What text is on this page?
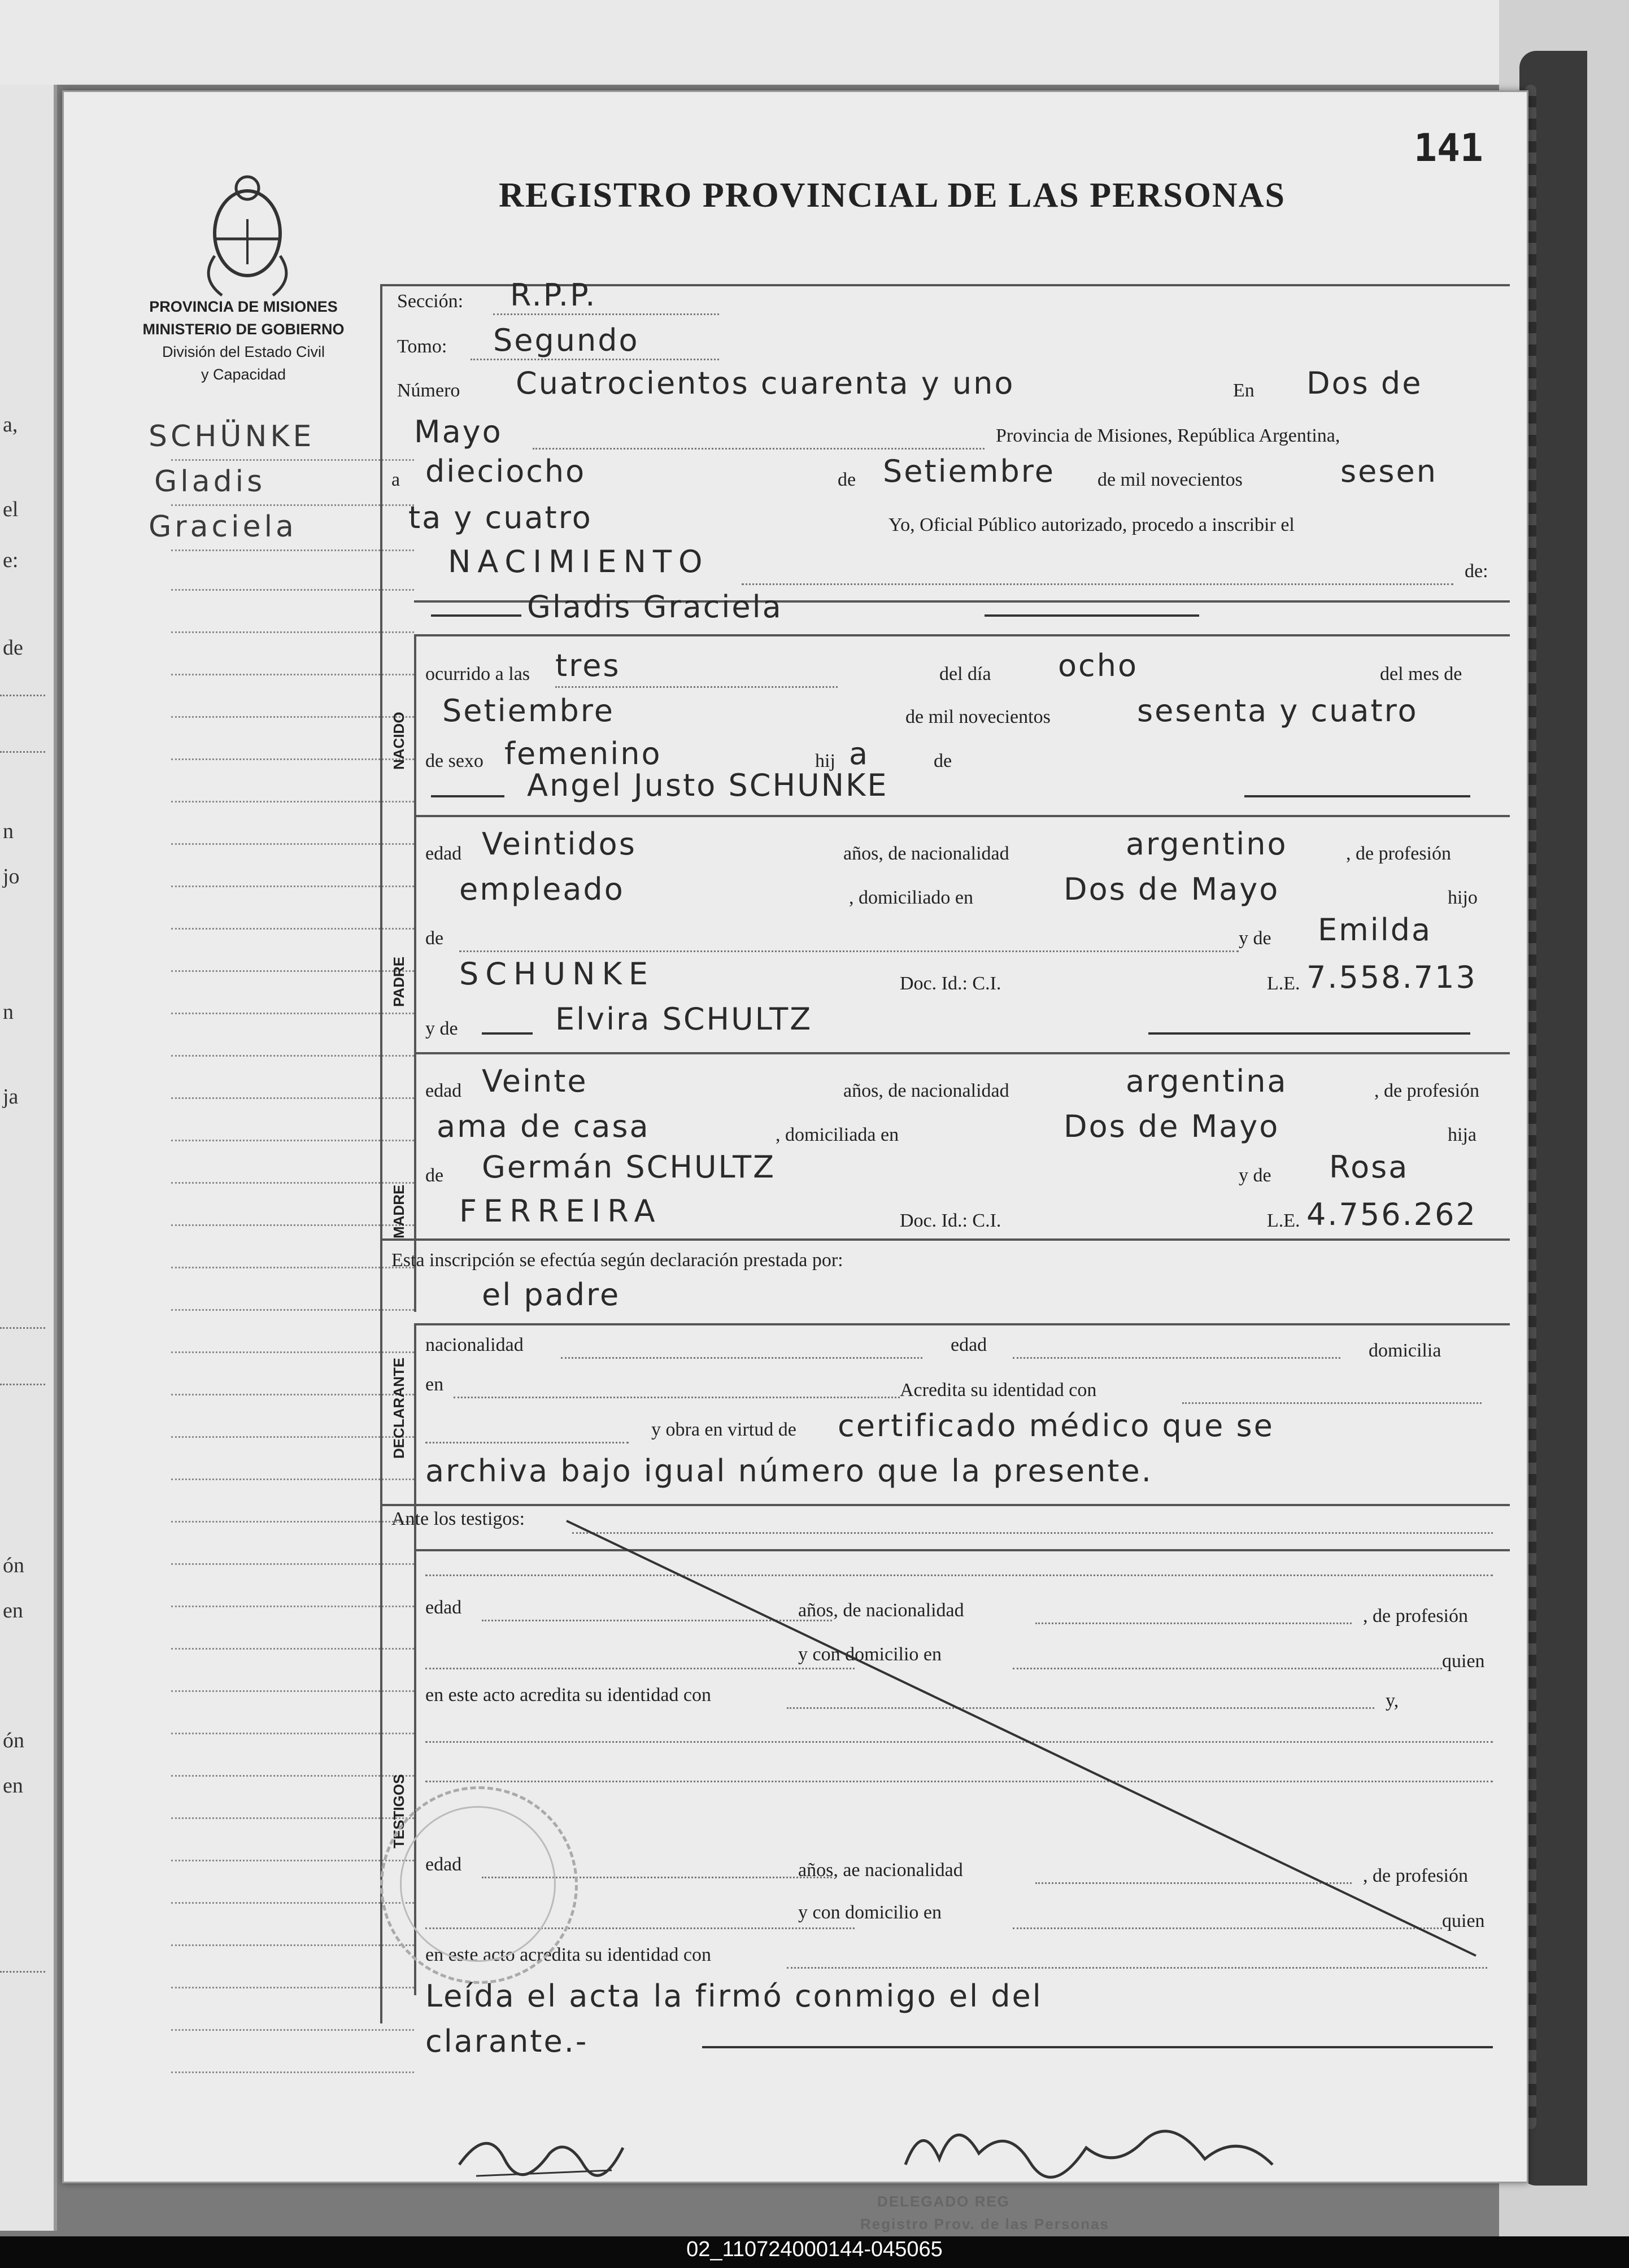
a,
el
e:
de
n
jo
n
ja
ón
en
ón
en
141
REGISTRO PROVINCIAL DE LAS PERSONAS
PROVINCIA DE MISIONES
MINISTERIO DE GOBIERNO
División del Estado Civil
y Capacidad
SCHÜNKE
Gladis
Graciela
Sección: R.P.P.
Tomo: Segundo
Número Cuatrocientos cuarenta y uno	En Dos de
Mayo	Provincia de Misiones, República Argentina,
a dieciocho	de Setiembre de mil novecientos	sesen
ta y cuatro	Yo, Oficial Público autorizado, procedo a inscribir el
NACIMIENTO	de:
Gladis Graciela
NACIDO
ocurrido a las tres	del día ocho	del mes de
Setiembre	de mil novecientos	sesenta y cuatro
de sexo femenino	hij a	de
Angel Justo SCHUNKE
PADRE
edad Veintidos	años, de nacionalidad	argentino	, de profesión
empleado	, domiciliado en	Dos de Mayo	hijo
de	y de Emilda
SCHUNKE	Doc. Id.: C.I.	L.E. 7.558.713
y de	Elvira SCHULTZ
MADRE
edad Veinte	años, de nacionalidad	argentina	, de profesión
ama de casa	, domiciliada en	Dos de Mayo	hija
de Germán SCHULTZ	y de Rosa
FERREIRA	Doc. Id.: C.I.	L.E. 4.756.262
Esta inscripción se efectúa según declaración prestada por:
el padre
DECLARANTE
nacionalidad	edad	domicilia
en	Acredita su identidad con
y obra en virtud de certificado médico que se
archiva bajo igual número que la presente.
Ante los testigos:
TESTIGOS
edad	años, de nacionalidad	, de profesión
y con domicilio en	quien
en este acto acredita su identidad con	y,
edad	años, ae nacionalidad	, de profesión
y con domicilio en	quien
en este acto acredita su identidad con
Leída el acta la firmó conmigo el del
clarante.-
DELEGADO REG
Registro Prov. de las Personas
02_110724000144-045065
